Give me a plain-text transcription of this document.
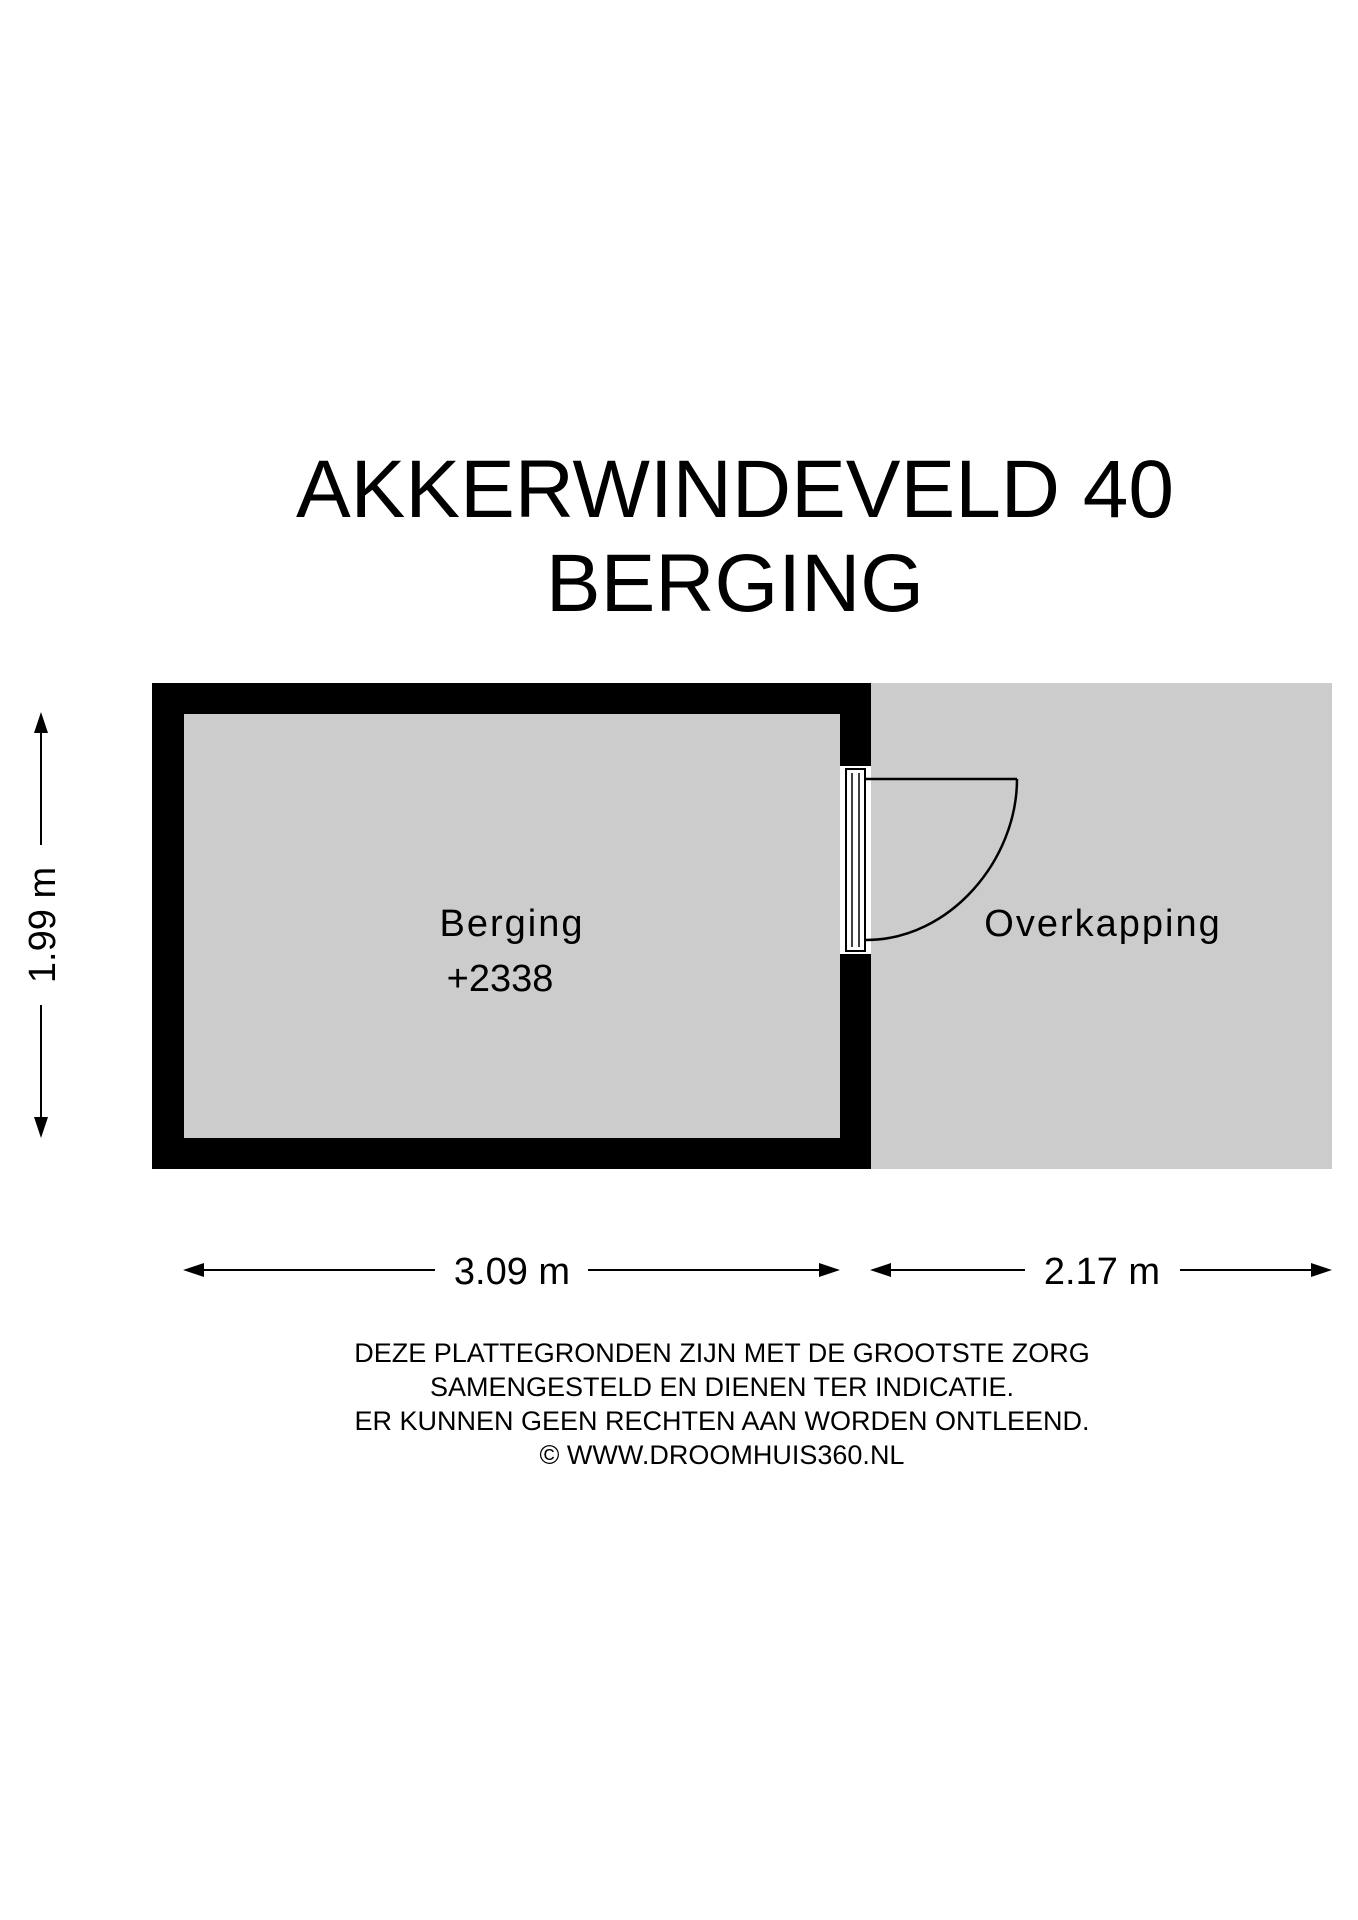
AKKERWINDEVELD 40
BERGING
Berging
+2338
Overkapping
1.99 m
3.09 m	2.17 m
DEZE PLATTEGRONDEN ZIJN MET DE GROOTSTE ZORG
SAMENGESTELD EN DIENEN TER INDICATIE.
ER KUNNEN GEEN RECHTEN AAN WORDEN ONTLEEND.
© WWW.DROOMHUIS360.NL
